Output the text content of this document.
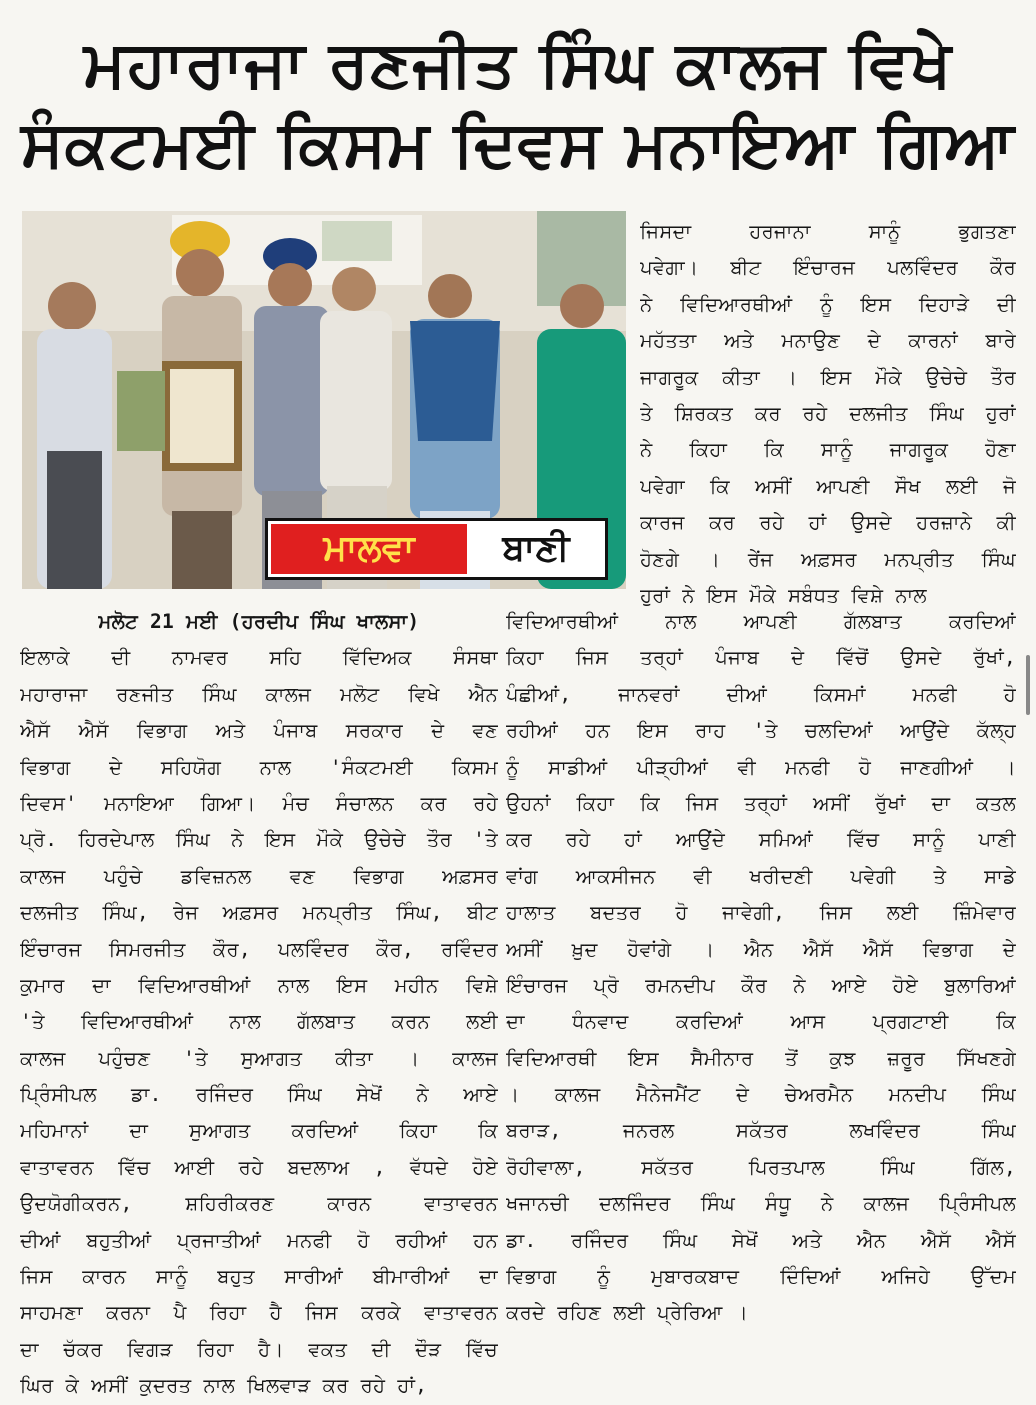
ਮਹਾਰਾਜਾ ਰਣਜੀਤ ਸਿੰਘ ਕਾਲਜ ਵਿਖੇ
ਸੰਕਟਮਈ ਕਿਸਮ ਦਿਵਸ ਮਨਾਇਆ ਗਿਆ
ਮਾਲਵਾ	ਬਾਣੀ
ਜਿਸਦਾ ਹਰਜਾਨਾ ਸਾਨੂੰ ਭੁਗਤਣਾ
ਪਵੇਗਾ। ਬੀਟ ਇੰਚਾਰਜ ਪਲਵਿੰਦਰ ਕੌਰ
ਨੇ ਵਿਦਿਆਰਥੀਆਂ ਨੂੰ ਇਸ ਦਿਹਾੜੇ ਦੀ
ਮਹੱਤਤਾ ਅਤੇ ਮਨਾਉਣ ਦੇ ਕਾਰਨਾਂ ਬਾਰੇ
ਜਾਗਰੂਕ ਕੀਤਾ । ਇਸ ਮੌਕੇ ਉਚੇਚੇ ਤੌਰ
ਤੇ ਸ਼ਿਰਕਤ ਕਰ ਰਹੇ ਦਲਜੀਤ ਸਿੰਘ ਹੁਰਾਂ
ਨੇ ਕਿਹਾ ਕਿ ਸਾਨੂੰ ਜਾਗਰੂਕ ਹੋਣਾ
ਪਵੇਗਾ ਕਿ ਅਸੀਂ ਆਪਣੀ ਸੌਖ ਲਈ ਜੋ
ਕਾਰਜ ਕਰ ਰਹੇ ਹਾਂ ਉਸਦੇ ਹਰਜ਼ਾਨੇ ਕੀ
ਹੋਣਗੇ । ਰੇਂਜ ਅਫ਼ਸਰ ਮਨਪ੍ਰੀਤ ਸਿੰਘ
ਹੁਰਾਂ ਨੇ ਇਸ ਮੌਕੇ ਸਬੰਧਤ ਵਿਸ਼ੇ ਨਾਲ
ਮਲੋਟ 21 ਮਈ (ਹਰਦੀਪ ਸਿੰਘ ਖਾਲਸਾ)
ਇਲਾਕੇ ਦੀ ਨਾਮਵਰ ਸਹਿ ਵਿੱਦਿਅਕ ਸੰਸਥਾ
ਮਹਾਰਾਜਾ ਰਣਜੀਤ ਸਿੰਘ ਕਾਲਜ ਮਲੋਟ ਵਿਖੇ ਐਨ
ਐਸੱ ਐਸੱ ਵਿਭਾਗ ਅਤੇ ਪੰਜਾਬ ਸਰਕਾਰ ਦੇ ਵਣ
ਵਿਭਾਗ ਦੇ ਸਹਿਯੋਗ ਨਾਲ 'ਸੰਕਟਮਈ ਕਿਸਮ
ਦਿਵਸ' ਮਨਾਇਆ ਗਿਆ। ਮੰਚ ਸੰਚਾਲਨ ਕਰ ਰਹੇ
ਪ੍ਰੋ. ਹਿਰਦੇਪਾਲ ਸਿੰਘ ਨੇ ਇਸ ਮੌਕੇ ਉਚੇਚੇ ਤੌਰ 'ਤੇ
ਕਾਲਜ ਪਹੁੰਚੇ ਡਵਿਜ਼ਨਲ ਵਣ ਵਿਭਾਗ ਅਫ਼ਸਰ
ਦਲਜੀਤ ਸਿੰਘ, ਰੇਜ ਅਫ਼ਸਰ ਮਨਪ੍ਰੀਤ ਸਿੰਘ, ਬੀਟ
ਇੰਚਾਰਜ ਸਿਮਰਜੀਤ ਕੌਰ, ਪਲਵਿੰਦਰ ਕੌਰ, ਰਵਿੰਦਰ
ਕੁਮਾਰ ਦਾ ਵਿਦਿਆਰਥੀਆਂ ਨਾਲ ਇਸ ਮਹੀਨ ਵਿਸ਼ੇ
'ਤੇ ਵਿਦਿਆਰਥੀਆਂ ਨਾਲ ਗੱਲਬਾਤ ਕਰਨ ਲਈ
ਕਾਲਜ ਪਹੁੰਚਣ 'ਤੇ ਸੁਆਗਤ ਕੀਤਾ । ਕਾਲਜ
ਪ੍ਰਿੰਸੀਪਲ ਡਾ. ਰਜਿੰਦਰ ਸਿੰਘ ਸੇਖੋਂ ਨੇ ਆਏ
ਮਹਿਮਾਨਾਂ ਦਾ ਸੁਆਗਤ ਕਰਦਿਆਂ ਕਿਹਾ ਕਿ
ਵਾਤਾਵਰਨ ਵਿੱਚ ਆਈ ਰਹੇ ਬਦਲਾਅ , ਵੱਧਦੇ ਹੋਏ
ਉਦਯੋਗੀਕਰਨ, ਸ਼ਹਿਰੀਕਰਣ ਕਾਰਨ ਵਾਤਾਵਰਨ
ਦੀਆਂ ਬਹੁਤੀਆਂ ਪ੍ਰਜਾਤੀਆਂ ਮਨਫੀ ਹੋ ਰਹੀਆਂ ਹਨ
ਜਿਸ ਕਾਰਨ ਸਾਨੂੰ ਬਹੁਤ ਸਾਰੀਆਂ ਬੀਮਾਰੀਆਂ ਦਾ
ਸਾਹਮਣਾ ਕਰਨਾ ਪੈ ਰਿਹਾ ਹੈ ਜਿਸ ਕਰਕੇ ਵਾਤਾਵਰਨ
ਦਾ ਚੱਕਰ ਵਿਗੜ ਰਿਹਾ ਹੈ। ਵਕਤ ਦੀ ਦੌੜ ਵਿੱਚ
ਘਿਰ ਕੇ ਅਸੀਂ ਕੁਦਰਤ ਨਾਲ ਖਿਲਵਾੜ ਕਰ ਰਹੇ ਹਾਂ,
ਵਿਦਿਆਰਥੀਆਂ ਨਾਲ ਆਪਣੀ ਗੱਲਬਾਤ ਕਰਦਿਆਂ
ਕਿਹਾ ਜਿਸ ਤਰ੍ਹਾਂ ਪੰਜਾਬ ਦੇ ਵਿੱਚੋਂ ਉਸਦੇ ਰੁੱਖਾਂ,
ਪੰਛੀਆਂ, ਜਾਨਵਰਾਂ ਦੀਆਂ ਕਿਸਮਾਂ ਮਨਫੀ ਹੋ
ਰਹੀਆਂ ਹਨ ਇਸ ਰਾਹ 'ਤੇ ਚਲਦਿਆਂ ਆਉਂਦੇ ਕੱਲ੍ਹ
ਨੂੰ ਸਾਡੀਆਂ ਪੀੜ੍ਹੀਆਂ ਵੀ ਮਨਫੀ ਹੋ ਜਾਣਗੀਆਂ ।
ਉਹਨਾਂ ਕਿਹਾ ਕਿ ਜਿਸ ਤਰ੍ਹਾਂ ਅਸੀਂ ਰੁੱਖਾਂ ਦਾ ਕਤਲ
ਕਰ ਰਹੇ ਹਾਂ ਆਉਂਦੇ ਸਮਿਆਂ ਵਿੱਚ ਸਾਨੂੰ ਪਾਣੀ
ਵਾਂਗ ਆਕਸੀਜਨ ਵੀ ਖਰੀਦਣੀ ਪਵੇਗੀ ਤੇ ਸਾਡੇ
ਹਾਲਾਤ ਬਦਤਰ ਹੋ ਜਾਵੇਗੀ, ਜਿਸ ਲਈ ਜ਼ਿੰਮੇਵਾਰ
ਅਸੀਂ ਖ਼ੁਦ ਹੋਵਾਂਗੇ । ਐਨ ਐਸੱ ਐਸੱ ਵਿਭਾਗ ਦੇ
ਇੰਚਾਰਜ ਪ੍ਰੋ ਰਮਨਦੀਪ ਕੌਰ ਨੇ ਆਏ ਹੋਏ ਬੁਲਾਰਿਆਂ
ਦਾ ਧੰਨਵਾਦ ਕਰਦਿਆਂ ਆਸ ਪ੍ਰਗਟਾਈ ਕਿ
ਵਿਦਿਆਰਥੀ ਇਸ ਸੈਮੀਨਾਰ ਤੋਂ ਕੁਝ ਜ਼ਰੂਰ ਸਿੱਖਣਗੇ
। ਕਾਲਜ ਮੈਨੇਜਮੈਂਟ ਦੇ ਚੇਅਰਮੈਨ ਮਨਦੀਪ ਸਿੰਘ
ਬਰਾੜ, ਜਨਰਲ ਸਕੱਤਰ ਲਖਵਿੰਦਰ ਸਿੰਘ
ਰੋਹੀਵਾਲਾ, ਸਕੱਤਰ ਪਿਰਤਪਾਲ ਸਿੰਘ ਗਿੱਲ,
ਖਜਾਨਚੀ ਦਲਜਿੰਦਰ ਸਿੰਘ ਸੰਧੂ ਨੇ ਕਾਲਜ ਪ੍ਰਿੰਸੀਪਲ
ਡਾ. ਰਜਿੰਦਰ ਸਿੰਘ ਸੇਖੋਂ ਅਤੇ ਐਨ ਐਸੱ ਐਸੱ
ਵਿਭਾਗ ਨੂੰ ਮੁਬਾਰਕਬਾਦ ਦਿੰਦਿਆਂ ਅਜਿਹੇ ਉੱਦਮ
ਕਰਦੇ ਰਹਿਣ ਲਈ ਪ੍ਰੇਰਿਆ ।
